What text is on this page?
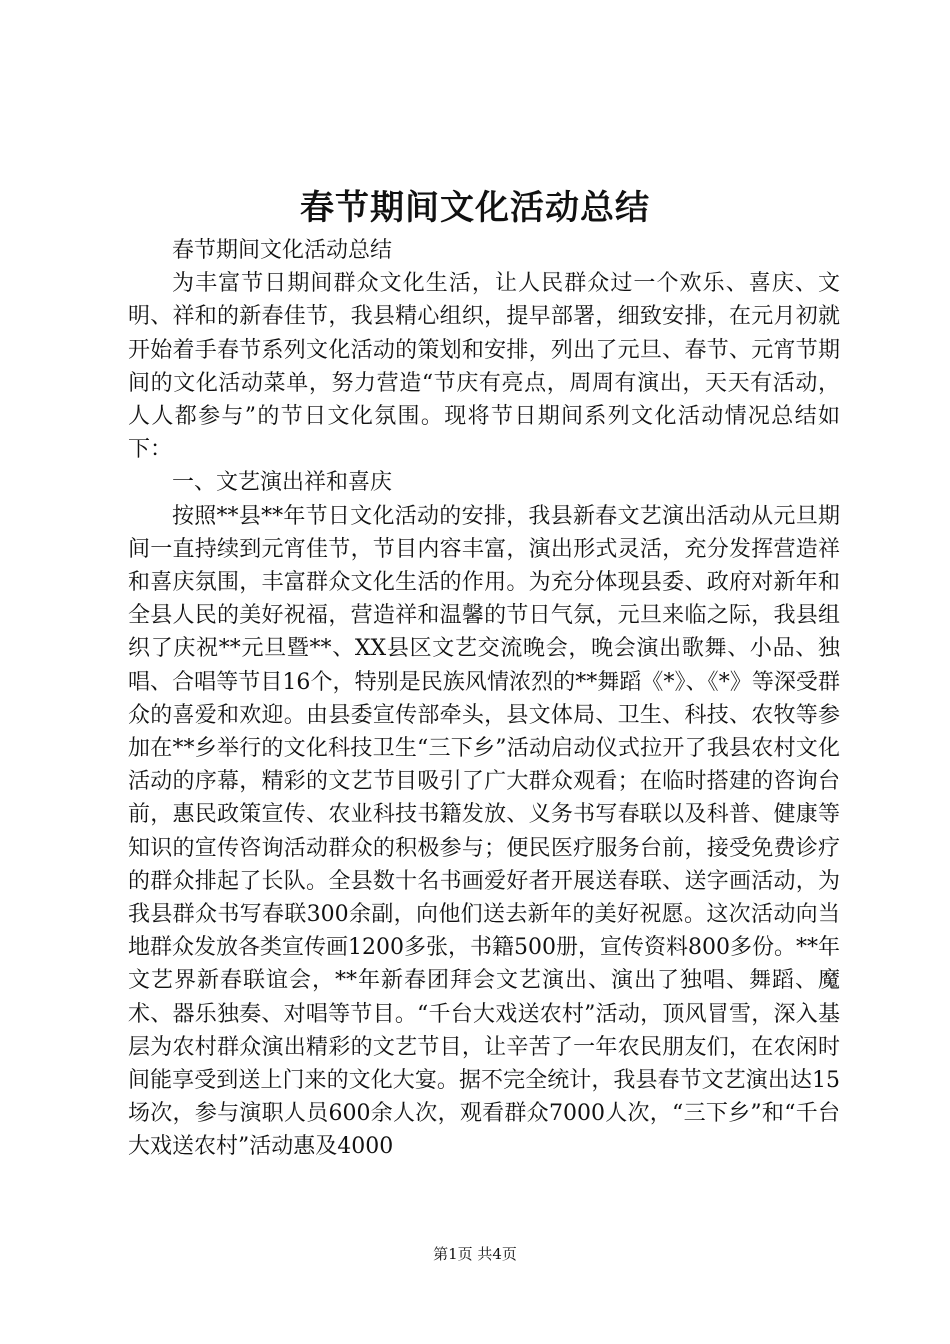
春节期间文化活动总结

春节期间文化活动总结

为丰富节日期间群众文化生活，让人民群众过一个欢乐、喜庆、文明、祥和的新春佳节，我县精心组织，提早部署，细致安排，在元月初就开始着手春节系列文化活动的策划和安排，列出了元旦、春节、元宵节期间的文化活动菜单，努力营造“节庆有亮点，周周有演出，天天有活动，人人都参与”的节日文化氛围。现将节日期间系列文化活动情况总结如下：

一、文艺演出祥和喜庆

按照**县**年节日文化活动的安排，我县新春文艺演出活动从元旦期间一直持续到元宵佳节，节目内容丰富，演出形式灵活，充分发挥营造祥和喜庆氛围，丰富群众文化生活的作用。为充分体现县委、政府对新年和全县人民的美好祝福，营造祥和温馨的节日气氛，元旦来临之际，我县组织了庆祝**元旦暨**、XX县区文艺交流晚会，晚会演出歌舞、小品、独唱、合唱等节目16个，特别是民族风情浓烈的**舞蹈《*》、《*》等深受群众的喜爱和欢迎。由县委宣传部牵头，县文体局、卫生、科技、农牧等参加在**乡举行的文化科技卫生“三下乡”活动启动仪式拉开了我县农村文化活动的序幕，精彩的文艺节目吸引了广大群众观看；在临时搭建的咨询台前，惠民政策宣传、农业科技书籍发放、义务书写春联以及科普、健康等知识的宣传咨询活动群众的积极参与；便民医疗服务台前，接受免费诊疗的群众排起了长队。全县数十名书画爱好者开展送春联、送字画活动，为我县群众书写春联300余副，向他们送去新年的美好祝愿。这次活动向当地群众发放各类宣传画1200多张，书籍500册，宣传资料800多份。**年文艺界新春联谊会，**年新春团拜会文艺演出、演出了独唱、舞蹈、魔术、器乐独奏、对唱等节目。“千台大戏送农村”活动，顶风冒雪，深入基层为农村群众演出精彩的文艺节目，让辛苦了一年农民朋友们，在农闲时间能享受到送上门来的文化大宴。据不完全统计，我县春节文艺演出达15场次，参与演职人员600余人次，观看群众7000人次，“三下乡”和“千台大戏送农村”活动惠及4000

第1页 共4页
